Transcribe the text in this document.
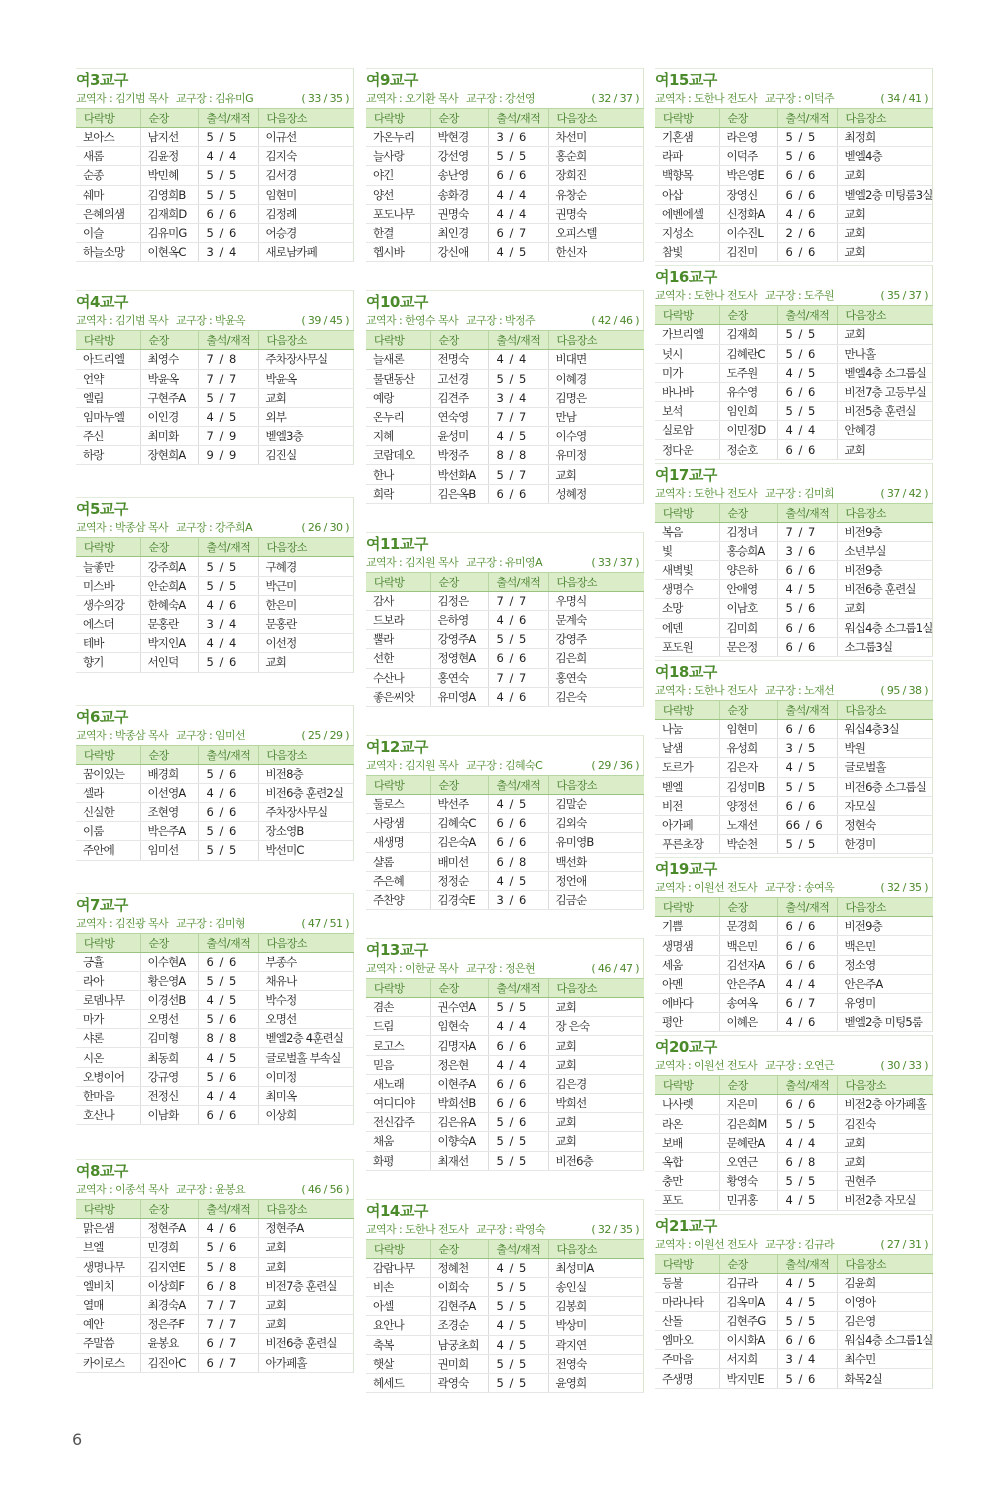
여3교구
교역자 : 김기범 목사 교구장 : 김유미G	( 33 / 35 )
다락방	순장	출석/재적	다음장소
보아스	남지선	5 / 5	이규선
새롬	김윤정	4 / 4	김지숙
순종	박민혜	5 / 5	김서경
쉐마	김영희B	5 / 5	임현미
은혜의샘	김재희D	6 / 6	김정례
이슬	김유미G	5 / 6	어승경
하늘소망	이현옥C	3 / 4	새로남카페
여4교구
교역자 : 김기범 목사 교구장 : 박윤옥	( 39 / 45 )
다락방	순장	출석/재적	다음장소
아드리엘	최영수	7 / 8	주차장사무실
언약	박윤옥	7 / 7	박윤옥
엘림	구현주A	5 / 7	교회
임마누엘	이인경	4 / 5	외부
주신	최미화	7 / 9	벧엘3층
하랑	장현희A	9 / 9	김진실
여5교구
교역자 : 박종삼 목사 교구장 : 강주희A	( 26 / 30 )
다락방	순장	출석/재적	다음장소
늘좋만	강주희A	5 / 5	구혜경
미스바	안순희A	5 / 5	박근미
생수의강	한혜숙A	4 / 6	한은미
에스더	문홍란	3 / 4	문홍란
테바	박지인A	4 / 4	이선정
향기	서인덕	5 / 6	교회
여6교구
교역자 : 박종삼 목사 교구장 : 임미선	( 25 / 29 )
다락방	순장	출석/재적	다음장소
꿈이있는	배경희	5 / 6	비전8층
셀라	이선영A	4 / 6	비전6층 훈련2실
신실한	조현영	6 / 6	주차장사무실
이룸	박은주A	5 / 6	장소영B
주안에	임미선	5 / 5	박선미C
여7교구
교역자 : 김진광 목사 교구장 : 김미형	( 47 / 51 )
다락방	순장	출석/재적	다음장소
긍휼	이수현A	6 / 6	부종수
라아	황은영A	5 / 5	채유나
로뎀나무	이경선B	4 / 5	박수정
마가	오명선	5 / 6	오명선
샤론	김미형	8 / 8	벧엘2층 4훈련실
시온	최동희	4 / 5	글로벌홀 부속실
오병이어	강규영	5 / 6	이미정
한마음	전정신	4 / 4	최미옥
호산나	이남화	6 / 6	이상희
여8교구
교역자 : 이종석 목사 교구장 : 윤봉요	( 46 / 56 )
다락방	순장	출석/재적	다음장소
맑은샘	정현주A	4 / 6	정현주A
브엘	민경희	5 / 6	교회
생명나무	김지연E	5 / 8	교회
엘비치	이상희F	6 / 8	비전7층 훈련실
열매	최경숙A	7 / 7	교회
예안	정은주F	7 / 7	교회
주말씀	윤봉요	6 / 7	비전6층 훈련실
카이로스	김진아C	6 / 7	아가페홀
여9교구
교역자 : 오기환 목사 교구장 : 강선영	( 32 / 37 )
다락방	순장	출석/재적	다음장소
가온누리	박현경	3 / 6	차선미
늘사랑	강선영	5 / 5	홍순희
야긴	송난영	6 / 6	장희진
양선	송화경	4 / 4	유창순
포도나무	권명숙	4 / 4	권명숙
한결	최인경	6 / 7	오피스텔
헵시바	강신애	4 / 5	한신자
여10교구
교역자 : 한영수 목사 교구장 : 박정주	( 42 / 46 )
다락방	순장	출석/재적	다음장소
늘새론	전명숙	4 / 4	비대면
물댄동산	고선경	5 / 5	이혜경
예랑	김견주	3 / 4	김명은
온누리	연숙영	7 / 7	만남
지혜	윤성미	4 / 5	이수영
코람데오	박정주	8 / 8	유미정
한나	박선화A	5 / 7	교회
희락	김은옥B	6 / 6	성혜정
여11교구
교역자 : 김지원 목사 교구장 : 유미영A	( 33 / 37 )
다락방	순장	출석/재적	다음장소
감사	김정은	7 / 7	우명식
드보라	은하영	4 / 6	문계숙
뿔라	강영주A	5 / 5	강영주
선한	정영현A	6 / 6	김은희
수산나	홍연숙	7 / 7	홍연숙
좋은씨앗	유미영A	4 / 6	김은숙
여12교구
교역자 : 김지원 목사 교구장 : 김혜숙C	( 29 / 36 )
다락방	순장	출석/재적	다음장소
둘로스	박선주	4 / 5	김말순
사랑샘	김혜숙C	6 / 6	김외숙
새생명	김은숙A	6 / 6	유미영B
샬롬	배미선	6 / 8	백선화
주은혜	정정순	4 / 5	정언애
주찬양	김경숙E	3 / 6	김금순
여13교구
교역자 : 이한균 목사 교구장 : 정은현	( 46 / 47 )
다락방	순장	출석/재적	다음장소
겸손	권수연A	5 / 5	교회
드림	임현숙	4 / 4	장 은숙
로고스	김명자A	6 / 6	교회
믿음	정은현	4 / 4	교회
새노래	이현주A	6 / 6	김은경
여디디야	박희선B	6 / 6	박희선
전신갑주	김은유A	5 / 6	교회
채움	이향숙A	5 / 5	교회
화평	최재선	5 / 5	비전6층
여14교구
교역자 : 도한나 전도사 교구장 : 곽영숙	( 32 / 35 )
다락방	순장	출석/재적	다음장소
감람나무	정혜천	4 / 5	최성미A
비손	이희숙	5 / 5	송인실
아셀	김현주A	5 / 5	김봉희
요안나	조경순	4 / 5	박상미
축복	남궁초희	4 / 5	곽지연
햇살	권미희	5 / 5	전영숙
헤세드	곽영숙	5 / 5	윤영희
여15교구
교역자 : 도한나 전도사 교구장 : 이덕주	( 34 / 41 )
다락방	순장	출석/재적	다음장소
기혼샘	라은영	5 / 5	최정희
라파	이덕주	5 / 6	벧엘4층
백향목	박은영E	6 / 6	교회
아삽	장영신	6 / 6	벧엘2층 미팅룸3실
에벤에셀	신정화A	4 / 6	교회
지성소	이수진L	2 / 6	교회
참빛	김진미	6 / 6	교회
여16교구
교역자 : 도한나 전도사 교구장 : 도주원	( 35 / 37 )
다락방	순장	출석/재적	다음장소
가브리엘	김재희	5 / 5	교회
넛시	김혜란C	5 / 6	만나홀
미가	도주원	4 / 5	벧엘4층 소그룹실
바나바	유수영	6 / 6	비전7층 고등부실
보석	임인희	5 / 5	비전5층 훈련실
실로암	이민정D	4 / 4	안혜경
정다운	정순호	6 / 6	교회
여17교구
교역자 : 도한나 전도사 교구장 : 김미희	( 37 / 42 )
다락방	순장	출석/재적	다음장소
복음	김정녀	7 / 7	비전9층
빛	홍승희A	3 / 6	소년부실
새벽빛	양은하	6 / 6	비전9층
생명수	안애영	4 / 5	비전6층 훈련실
소망	이남호	5 / 6	교회
에덴	김미희	6 / 6	워십4층 소그룹1실
포도원	문은정	6 / 6	소그룹3실
여18교구
교역자 : 도한나 전도사 교구장 : 노재선	( 95 / 38 )
다락방	순장	출석/재적	다음장소
나눔	임현미	6 / 6	워십4층3실
날샘	유성희	3 / 5	박원
도르가	김은자	4 / 5	글로벌홀
벧엘	김성미B	5 / 5	비전6층 소그룹실
비전	양정선	6 / 6	자모실
아가페	노재선	66 / 6	정현숙
푸른초장	박순천	5 / 5	한경미
여19교구
교역자 : 이원선 전도사 교구장 : 송여옥	( 32 / 35 )
다락방	순장	출석/재적	다음장소
기쁨	문경희	6 / 6	비전9층
생명샘	백은민	6 / 6	백은민
세움	김선자A	6 / 6	정소영
아멘	안은주A	4 / 4	안은주A
에바다	송여옥	6 / 7	유영미
평안	이혜은	4 / 6	벧엘2층 미팅5룸
여20교구
교역자 : 이원선 전도사 교구장 : 오연근	( 30 / 33 )
다락방	순장	출석/재적	다음장소
나사렛	지은미	6 / 6	비전2층 아가페홀
라온	김은희M	5 / 5	김진숙
보배	문혜란A	4 / 4	교회
옥합	오연근	6 / 8	교회
충만	황영숙	5 / 5	권현주
포도	민귀홍	4 / 5	비전2층 자모실
여21교구
교역자 : 이원선 전도사 교구장 : 김규라	( 27 / 31 )
다락방	순장	출석/재적	다음장소
등불	김규라	4 / 5	김윤희
마라나타	김옥미A	4 / 5	이영아
산돌	김현주G	5 / 5	김은영
엠마오	이시화A	6 / 6	워십4층 소그룹1실
주마음	서지희	3 / 4	최수민
주생명	박지민E	5 / 6	화목2실
6
